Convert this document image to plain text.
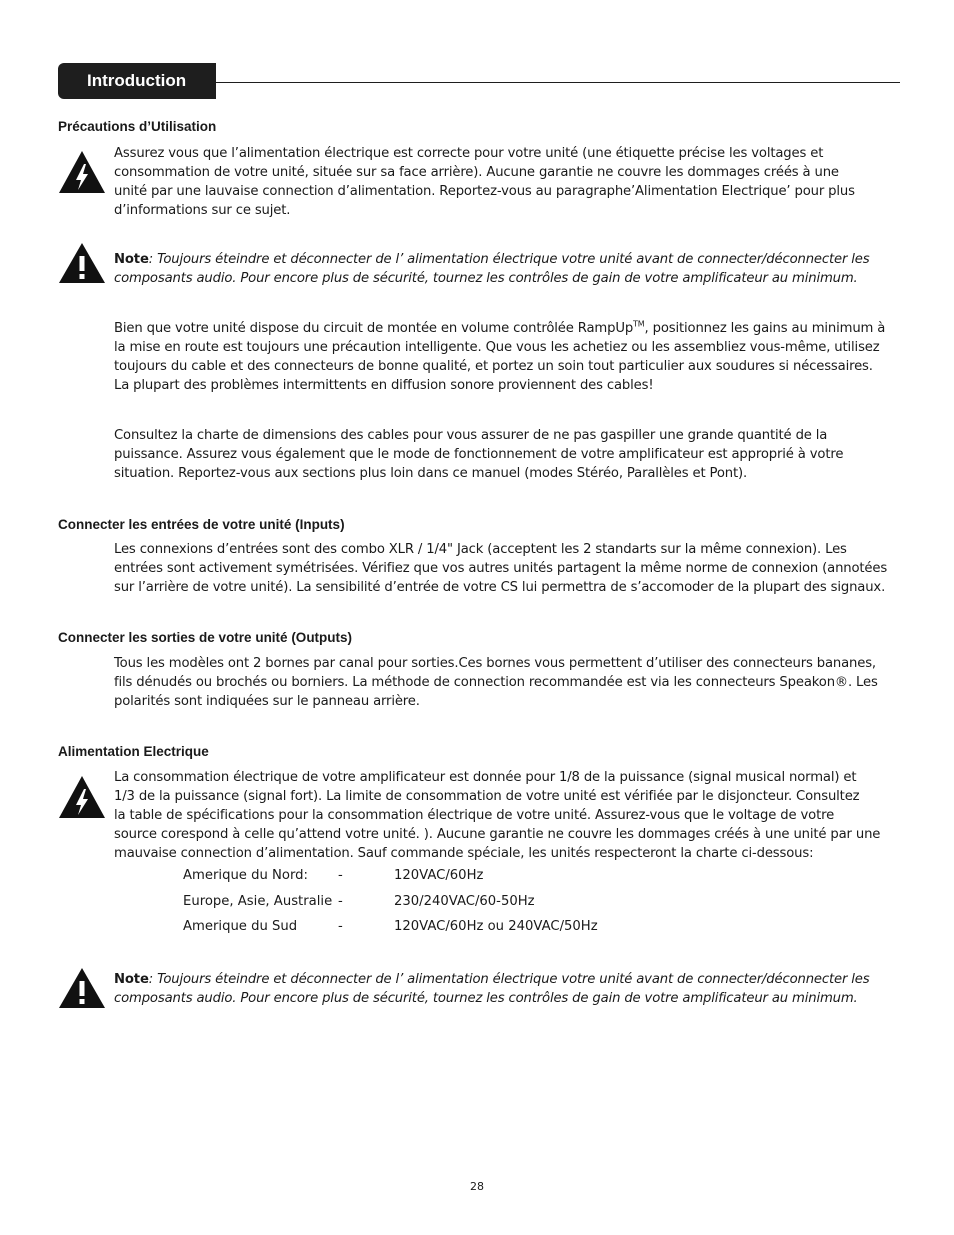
Introduction
Précautions d’Utilisation

Assurez vous que l’alimentation électrique est correcte pour votre unité (une étiquette précise les voltages et
consommation de votre unité, située sur sa face arrière). Aucune garantie ne couvre les dommages créés à une
unité par une lauvaise connection d’alimentation. Reportez-vous au paragraphe’Alimentation Electrique’ pour plus
d’informations sur ce sujet.

Note: Toujours éteindre et déconnecter de l’ alimentation électrique votre unité avant de connecter/déconnecter les
composants audio. Pour encore plus de sécurité, tournez les contrôles de gain de votre amplificateur au minimum.

Bien que votre unité dispose du circuit de montée en volume contrôlée RampUp™, positionnez les gains au minimum à
la mise en route est toujours une précaution intelligente. Que vous les achetiez ou les assembliez vous-même, utilisez
toujours du cable et des connecteurs de bonne qualité, et portez un soin tout particulier aux soudures si nécessaires.
La plupart des problèmes intermittents en diffusion sonore proviennent des cables!

Consultez la charte de dimensions des cables pour vous assurer de ne pas gaspiller une grande quantité de la
puissance. Assurez vous également que le mode de fonctionnement de votre amplificateur est approprié à votre
situation. Reportez-vous aux sections plus loin dans ce manuel (modes Stéréo, Parallèles et Pont).

Connecter les entrées de votre unité (Inputs)

Les connexions d’entrées sont des combo XLR / 1/4" Jack (acceptent les 2 standarts sur la même connexion). Les
entrées sont activement symétrisées. Vérifiez que vos autres unités partagent la même norme de connexion (annotées
sur l’arrière de votre unité). La sensibilité d’entrée de votre CS lui permettra de s’accomoder de la plupart des signaux.

Connecter les sorties de votre unité (Outputs)

Tous les modèles ont 2 bornes par canal pour sorties.Ces bornes vous permettent d’utiliser des connecteurs bananes,
fils dénudés ou brochés ou borniers. La méthode de connection recommandée est via les connecteurs Speakon®. Les
polarités sont indiquées sur le panneau arrière.

Alimentation Electrique

La consommation électrique de votre amplificateur est donnée pour 1/8 de la puissance (signal musical normal) et
1/3 de la puissance (signal fort). La limite de consommation de votre unité est vérifiée par le disjoncteur. Consultez
la table de spécifications pour la consommation électrique de votre unité. Assurez-vous que le voltage de votre
source corespond à celle qu’attend votre unité. ). Aucune garantie ne couvre les dommages créés à une unité par une
mauvaise connection d’alimentation. Sauf commande spéciale, les unités respecteront la charte ci-dessous:

Amerique du Nord: -	120VAC/60Hz
Europe, Asie, Australie -	230/240VAC/60-50Hz
Amerique du Sud	-	120VAC/60Hz ou 240VAC/50Hz

Note: Toujours éteindre et déconnecter de l’ alimentation électrique votre unité avant de connecter/déconnecter les
composants audio. Pour encore plus de sécurité, tournez les contrôles de gain de votre amplificateur au minimum.

28
